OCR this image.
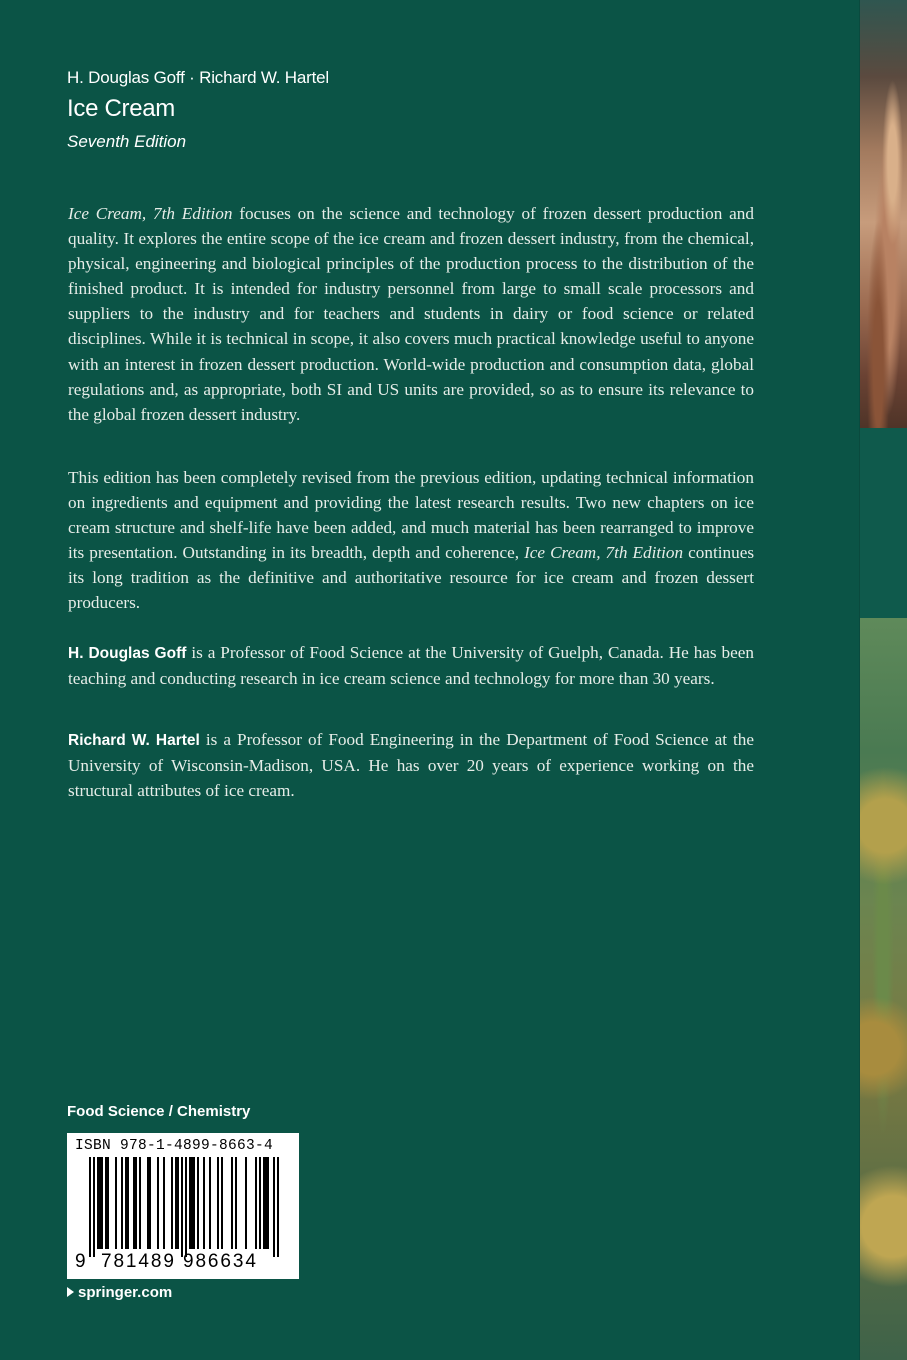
H. Douglas Goff · Richard W. Hartel
Ice Cream
Seventh Edition

Ice Cream, 7th Edition focuses on the science and technology of frozen dessert production and quality. It explores the entire scope of the ice cream and frozen dessert industry, from the chemical, physical, engineering and biological principles of the production process to the distribution of the finished product. It is intended for industry personnel from large to small scale processors and suppliers to the industry and for teachers and students in dairy or food science or related disciplines. While it is technical in scope, it also covers much practical knowledge useful to anyone with an interest in frozen dessert production. World-wide production and consumption data, global regulations and, as appropriate, both SI and US units are provided, so as to ensure its relevance to the global frozen dessert industry.

This edition has been completely revised from the previous edition, updating technical information on ingredients and equipment and providing the latest research results. Two new chapters on ice cream structure and shelf-life have been added, and much material has been rearranged to improve its presentation. Outstanding in its breadth, depth and coherence, Ice Cream, 7th Edition continues its long tradition as the definitive and authoritative resource for ice cream and frozen dessert producers.

H. Douglas Goff is a Professor of Food Science at the University of Guelph, Canada. He has been teaching and conducting research in ice cream science and technology for more than 30 years.

Richard W. Hartel is a Professor of Food Engineering in the Department of Food Science at the University of Wisconsin-Madison, USA. He has over 20 years of experience working on the structural attributes of ice cream.

Food Science / Chemistry
ISBN 978-1-4899-8663-4
9 781489 986634
springer.com
